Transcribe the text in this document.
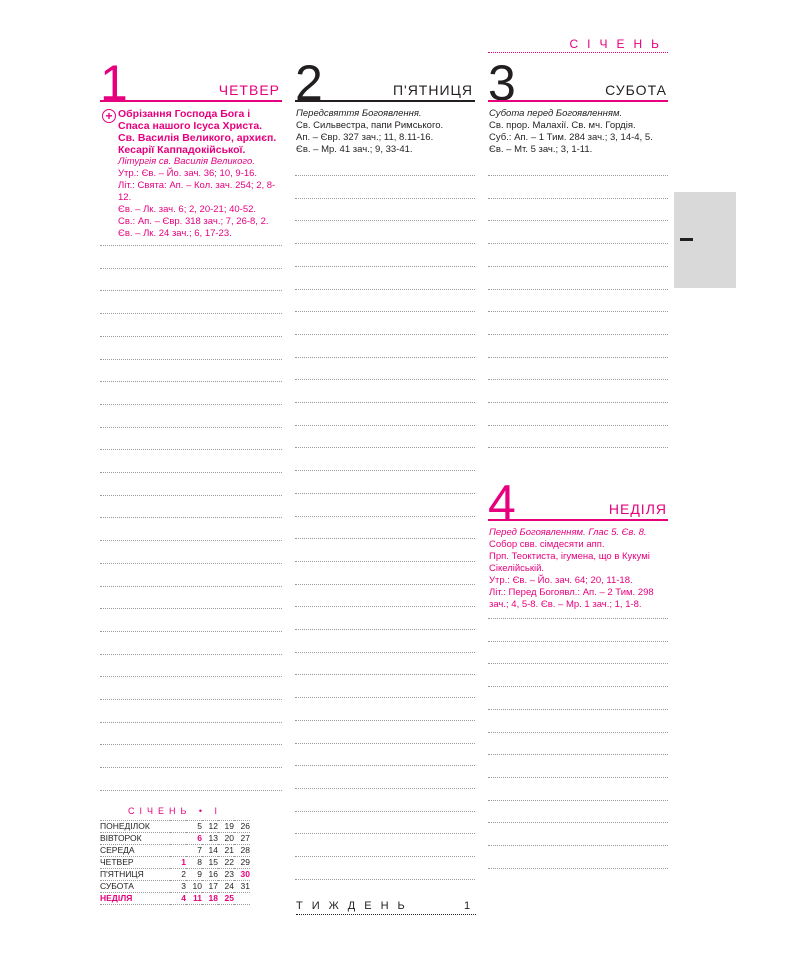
СІЧЕНЬ
1	ЧЕТВЕР
+ Обрізання Господа Бога і
Спаса нашого Ісуса Христа.
Св. Василія Великого, архиєп.
Кесарії Каппадокійської.
Літургія св. Василія Великого.
Утр.: Єв. – Йо. зач. 36; 10, 9-16.
Літ.: Свята: Ап. – Кол. зач. 254; 2, 8-12.
Єв. – Лк. зач. 6; 2, 20-21; 40-52.
Св.: Ап. – Євр. 318 зач.; 7, 26-8, 2.
Єв. – Лк. 24 зач.; 6, 17-23.
2	П'ЯТНИЦЯ
Передсвяття Богоявлення.
Св. Сильвестра, папи Римського.
Ап. – Євр. 327 зач.; 11, 8.11-16.
Єв. – Мр. 41 зач.; 9, 33-41.
3	СУБОТА
Субота перед Богоявленням.
Св. прор. Малахії. Св. мч. Гордія.
Суб.: Ап. – 1 Тим. 284 зач.; 3, 14-4, 5.
Єв. – Мт. 5 зач.; 3, 1-11.
4	НЕДІЛЯ
Перед Богоявленням. Глас 5. Єв. 8.
Собор свв. сімдесяти апп.
Прп. Теоктиста, ігумена, що в Кукумі
Сікелійській.
Утр.: Єв. – Йо. зач. 64; 20, 11-18.
Літ.: Перед Богоявл.: Ап. – 2 Тим. 298
зач.; 4, 5-8. Єв. – Мр. 1 зач.; 1, 1-8.
СІЧЕНЬ • I
ПОНЕДІЛОК		5	12	19	26
ВІВТОРОК		6	13	20	27
СЕРЕДА		7	14	21	28
ЧЕТВЕР	1	8	15	22	29
П'ЯТНИЦЯ	2	9	16	23	30
СУБОТА	3	10	17	24	31
НЕДІЛЯ	4	11	18	25	
ТИЖДЕНЬ	1
